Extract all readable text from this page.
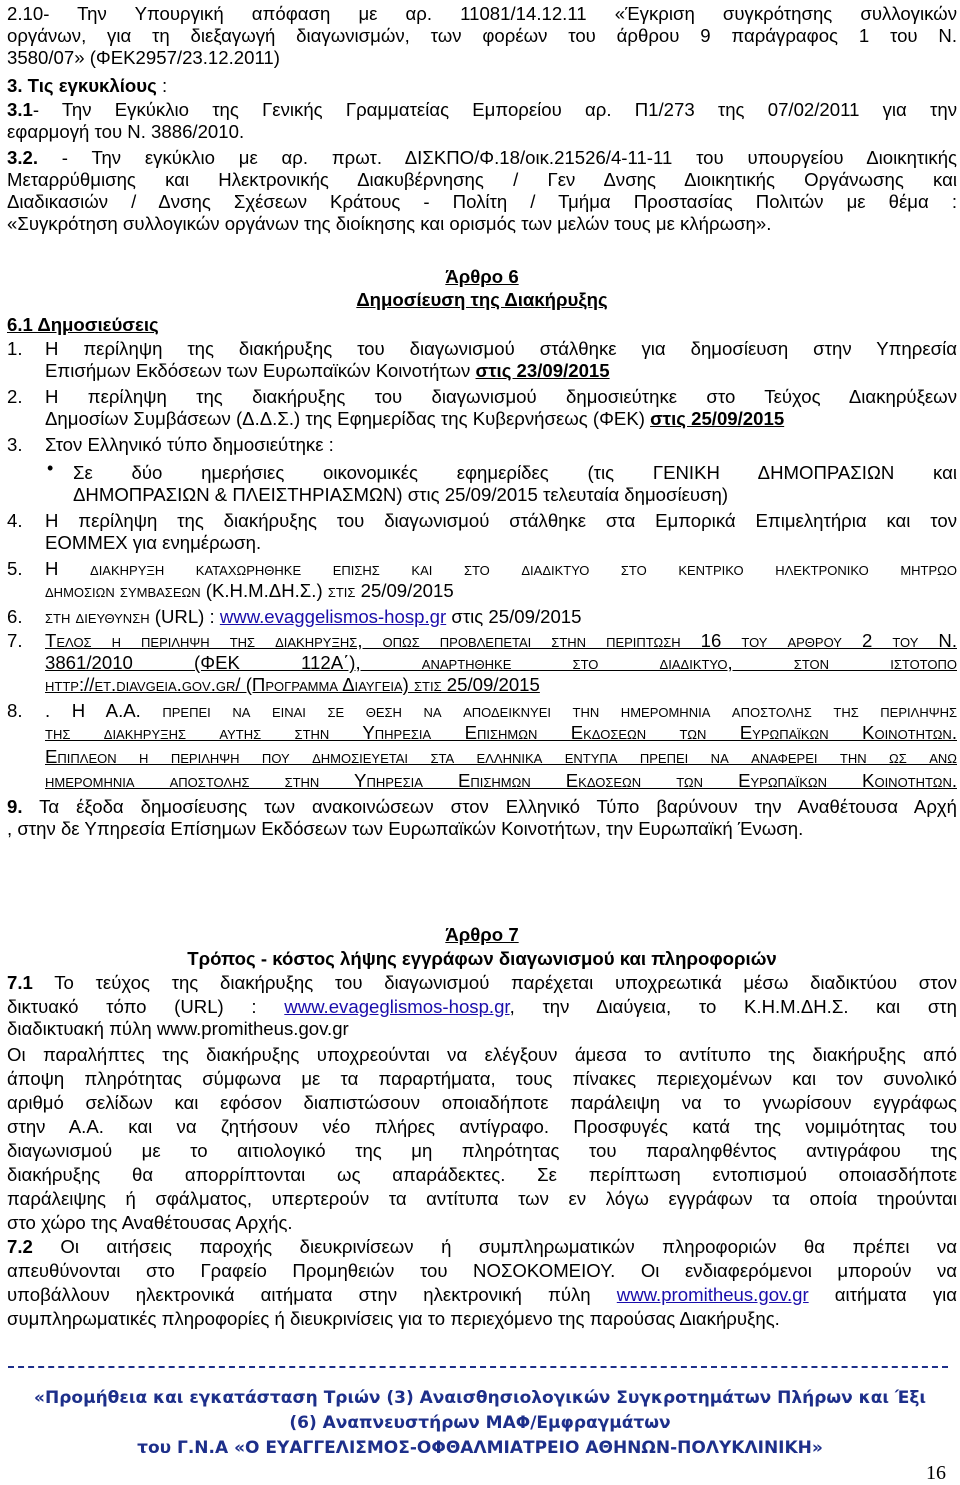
2.10- Την Υπουργική απόφαση με αρ. 11081/14.12.11 «Έγκριση συγκρότησης συλλογικών
οργάνων, για τη διεξαγωγή διαγωνισμών, των φορέων του άρθρου 9 παράγραφος 1 του Ν.
3580/07» (ΦΕΚ2957/23.12.2011)
3. Τις εγκυκλίους :
3.1- Την Εγκύκλιο της Γενικής Γραμματείας Εμπορείου αρ. Π1/273 της 07/02/2011 για την
εφαρμογή του Ν. 3886/2010.
3.2. - Την εγκύκλιο με αρ. πρωτ. ΔΙΣΚΠΟ/Φ.18/οικ.21526/4-11-11 του υπουργείου Διοικητικής
Μεταρρύθμισης και Ηλεκτρονικής Διακυβέρνησης / Γεν Δνσης Διοικητικής Οργάνωσης και
Διαδικασιών / Δνσης Σχέσεων Κράτους - Πολίτη / Τμήμα Προστασίας Πολιτών με θέμα :
«Συγκρότηση συλλογικών οργάνων της διοίκησης και ορισμός των μελών τους με κλήρωση».
Άρθρο 6
Δημοσίευση της Διακήρυξης
6.1 Δημοσιεύσεις
1.	Η περίληψη της διακήρυξης του διαγωνισμού στάλθηκε για δημοσίευση στην Υπηρεσία
Επισήμων Εκδόσεων των Ευρωπαϊκών Κοινοτήτων στις 23/09/2015
2.	Η περίληψη της διακήρυξης του διαγωνισμού δημοσιεύτηκε στο Τεύχος Διακηρύξεων
Δημοσίων Συμβάσεων (Δ.Δ.Σ.) της Εφημερίδας της Κυβερνήσεως (ΦΕΚ) στις 25/09/2015
3.	Στον Ελληνικό τύπο δημοσιεύτηκε :
• Σε δύο ημερήσιες οικονομικές εφημερίδες (τις ΓΕΝΙΚΗ ΔΗΜΟΠΡΑΣΙΩΝ και
ΔΗΜΟΠΡΑΣΙΩΝ & ΠΛΕΙΣΤΗΡΙΑΣΜΩΝ) στις 25/09/2015 τελευταία δημοσίευση)
4.	Η περίληψη της διακήρυξης του διαγωνισμού στάλθηκε στα Εμπορικά Επιμελητήρια και τον
ΕΟΜΜΕΧ για ενημέρωση.
5.	Η διακηρυξη καταχωρηθηκε επισης και στο διαδικτυο στο κεντρικο ηλεκτρονικο μητρωο
δημοσιων συμβασεων (Κ.Η.Μ.ΔΗ.Σ.) στις 25/09/2015
6.	στη διευθυνση (URL) : www.evaggelismos-hosp.gr στις 25/09/2015
7.	Τελος η περιληψη της διακηρυξης, οπως προβλεπεται στην περιπτωση 16 του αρθρου 2 του Ν.
3861/2010 (ΦΕΚ 112Α΄), αναρτηθηκε στο διαδικτυο, στον ιστοτοπο
http://et.diavgeia.gov.gr/ (Προγραμμα Διαυγεια) στις 25/09/2015
8.	. Η Α.Α. πρεπει να ειναι σε θεση να αποδεικνυει την ημερομηνια αποστολης της περιληψης
της διακηρυξης αυτης στην Υπηρεσια Επισημων Εκδοσεων των Ευρωπαϊκων Κοινοτητων.
Επιπλεον η περιληψη που δημοσιευεται στα ελληνικα εντυπα πρεπει να αναφερει την ως ανω
ημερομηνια αποστολης στην Υπηρεσια Επισημων Εκδοσεων των Ευρωπαϊκων Κοινοτητων.
9. Τα έξοδα δημοσίευσης των ανακοινώσεων στον Ελληνικό Τύπο βαρύνουν την Αναθέτουσα Αρχή
, στην δε Υπηρεσία Επίσημων Εκδόσεων των Ευρωπαϊκών Κοινοτήτων, την Ευρωπαϊκή Ένωση.
Άρθρο 7
Τρόπος - κόστος λήψης εγγράφων διαγωνισμού και πληροφοριών
7.1 Το τεύχος της διακήρυξης του διαγωνισμού παρέχεται υποχρεωτικά μέσω διαδικτύου στον
δικτυακό τόπο (URL) : www.evageglismos-hosp.gr, την Διαύγεια, το Κ.Η.Μ.ΔΗ.Σ. και στη
διαδικτυακή πύλη www.promitheus.gov.gr
Οι παραλήπτες της διακήρυξης υποχρεούνται να ελέγξουν άμεσα το αντίτυπο της διακήρυξης από
άποψη πληρότητας σύμφωνα με τα παραρτήματα, τους πίνακες περιεχομένων και τον συνολικό
αριθμό σελίδων και εφόσον διαπιστώσουν οποιαδήποτε παράλειψη να το γνωρίσουν εγγράφως
στην Α.Α. και να ζητήσουν νέο πλήρες αντίγραφο. Προσφυγές κατά της νομιμότητας του
διαγωνισμού με το αιτιολογικό της μη πληρότητας του παραληφθέντος αντιγράφου της
διακήρυξης θα απορρίπτονται ως απαράδεκτες. Σε περίπτωση εντοπισμού οποιασδήποτε
παράλειψης ή σφάλματος, υπερτερούν τα αντίτυπα των εν λόγω εγγράφων τα οποία τηρούνται
στο χώρο της Αναθέτουσας Αρχής.
7.2 Οι αιτήσεις παροχής διευκρινίσεων ή συμπληρωματικών πληροφοριών θα πρέπει να
απευθύνονται στο Γραφείο Προμηθειών του ΝΟΣΟΚΟΜΕΙΟΥ. Οι ενδιαφερόμενοι μπορούν να
υποβάλλουν ηλεκτρονικά αιτήματα στην ηλεκτρονική πύλη www.promitheus.gov.gr αιτήματα για
συμπληρωματικές πληροφορίες ή διευκρινίσεις για το περιεχόμενο της παρούσας Διακήρυξης.
«Προμήθεια και εγκατάσταση Τριών (3) Αναισθησιολογικών Συγκροτημάτων Πλήρων και Έξι
(6) Αναπνευστήρων ΜΑΦ/Εμφραγμάτων
του Γ.Ν.Α «Ο ΕΥΑΓΓΕΛΙΣΜΟΣ-ΟΦΘΑΛΜΙΑΤΡΕΙΟ ΑΘΗΝΩΝ-ΠΟΛΥΚΛΙΝΙΚΗ»
16
